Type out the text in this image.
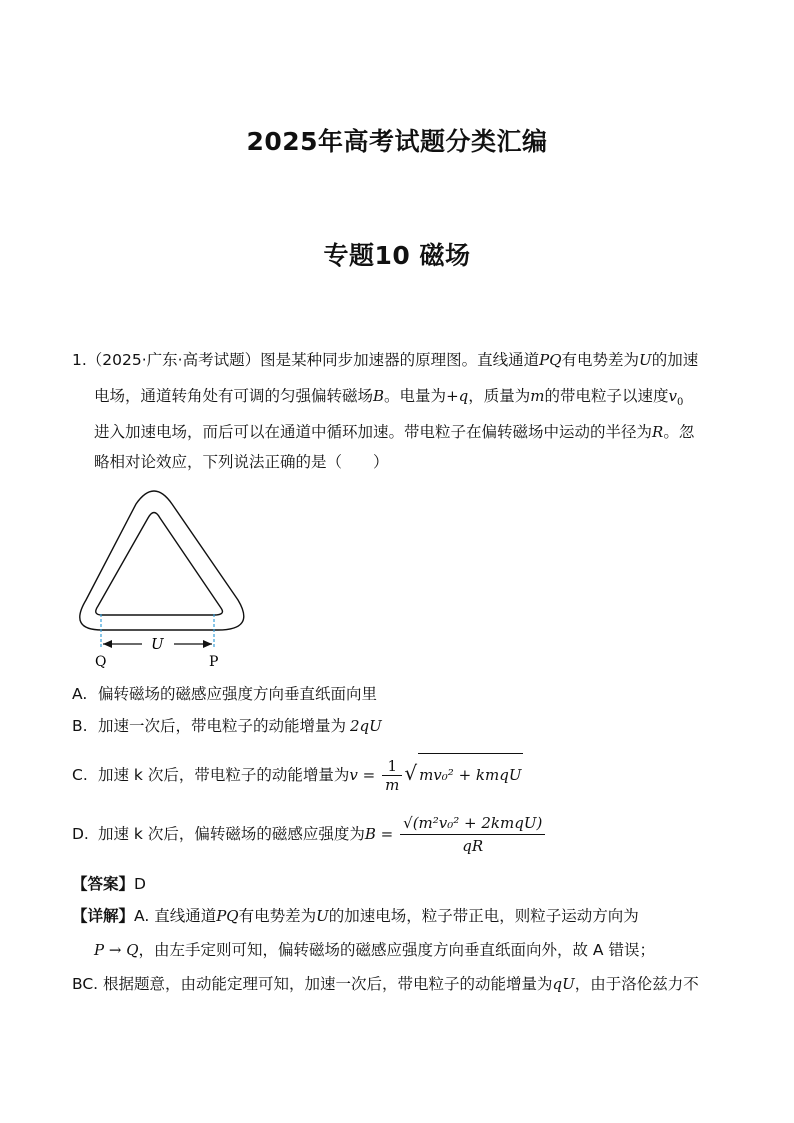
2025年高考试题分类汇编
专题10 磁场
1.（2025·广东·高考试题）图是某种同步加速器的原理图。直线通道PQ有电势差为U的加速
电场，通道转角处有可调的匀强偏转磁场B。电量为+q，质量为m的带电粒子以速度$v_0$
进入加速电场，而后可以在通道中循环加速。带电粒子在偏转磁场中运动的半径为R。忽
略相对论效应，下列说法正确的是（　　）
U
Q	P
A. 偏转磁场的磁感应强度方向垂直纸面向里
B. 加速一次后，带电粒子的动能增量为 2qU
C. 加速 k 次后，带电粒子的动能增量为$v = \frac{1}{m}$ √ mv₀² + kmqU
D. 加速 k 次后，偏转磁场的磁感应强度为$B = \frac{\text{√(m²v₀² + 2kmqU)}}{qR}$
【答案】D
【详解】A. 直线通道PQ有电势差为U的加速电场，粒子带正电，则粒子运动方向为
P → Q，由左手定则可知，偏转磁场的磁感应强度方向垂直纸面向外，故 A 错误；
BC. 根据题意，由动能定理可知，加速一次后，带电粒子的动能增量为qU，由于洛伦兹力不
